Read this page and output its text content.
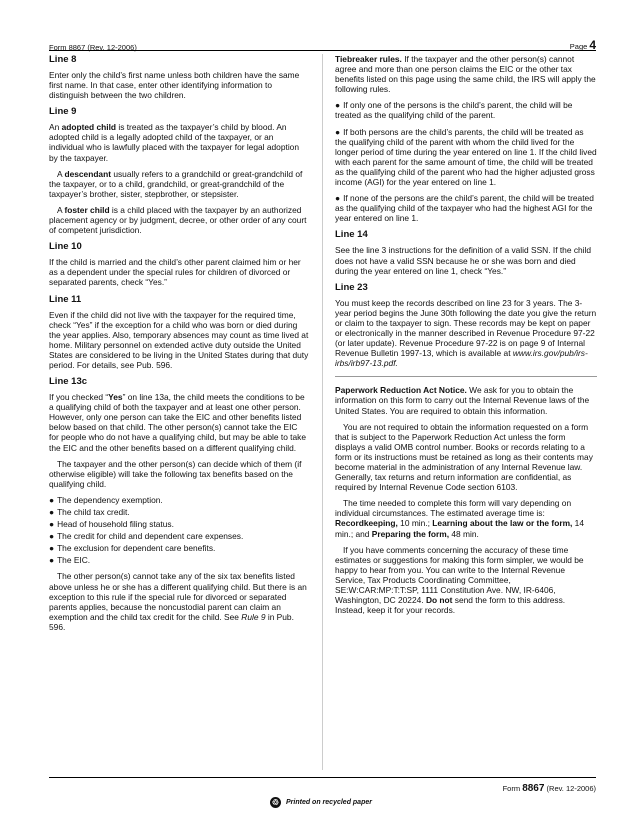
Form 8867 (Rev. 12-2006)	Page 4
Line 8

Enter only the child’s first name unless both children have the same first name. In that case, enter other identifying information to distinguish between the two children.

Line 9

An adopted child is treated as the taxpayer’s child by blood. An adopted child is a legally adopted child of the taxpayer, or an individual who is lawfully placed with the taxpayer for legal adoption by the taxpayer.

A descendant usually refers to a grandchild or great-grandchild of the taxpayer, or to a child, grandchild, or great-grandchild of the taxpayer’s brother, sister, stepbrother, or stepsister.

A foster child is a child placed with the taxpayer by an authorized placement agency or by judgment, decree, or other order of any court of competent jurisdiction.

Line 10

If the child is married and the child’s other parent claimed him or her as a dependent under the special rules for children of divorced or separated parents, check “Yes.”

Line 11

Even if the child did not live with the taxpayer for the required time, check “Yes” if the exception for a child who was born or died during the year applies. Also, temporary absences may count as time lived at home. Military personnel on extended active duty outside the United States are considered to be living in the United States during that duty period. For details, see Pub. 596.

Line 13c

If you checked “Yes” on line 13a, the child meets the conditions to be a qualifying child of both the taxpayer and at least one other person. However, only one person can take the EIC and other benefits listed below based on that child. The other person(s) cannot take the EIC for people who do not have a qualifying child, but may be able to take the EIC and the other benefits based on a different qualifying child.

The taxpayer and the other person(s) can decide which of them (if otherwise eligible) will take the following tax benefits based on the qualifying child.

● The dependency exemption.
● The child tax credit.
● Head of household filing status.
● The credit for child and dependent care expenses.
● The exclusion for dependent care benefits.
● The EIC.

The other person(s) cannot take any of the six tax benefits listed above unless he or she has a different qualifying child. But there is an exception to this rule if the special rule for divorced or separated parents applies, because the noncustodial parent can claim an exemption and the child tax credit for the child. See Rule 9 in Pub. 596.

Tiebreaker rules. If the taxpayer and the other person(s) cannot agree and more than one person claims the EIC or the other tax benefits listed on this page using the same child, the IRS will apply the following rules.

● If only one of the persons is the child’s parent, the child will be treated as the qualifying child of the parent.

● If both persons are the child’s parents, the child will be treated as the qualifying child of the parent with whom the child lived for the longer period of time during the year entered on line 1. If the child lived with each parent for the same amount of time, the child will be treated as the qualifying child of the parent who had the higher adjusted gross income (AGI) for the year entered on line 1.

● If none of the persons are the child’s parent, the child will be treated as the qualifying child of the taxpayer who had the highest AGI for the year entered on line 1.

Line 14

See the line 3 instructions for the definition of a valid SSN. If the child does not have a valid SSN because he or she was born and died during the year entered on line 1, check “Yes.”

Line 23

You must keep the records described on line 23 for 3 years. The 3-year period begins the June 30th following the date you give the return or claim to the taxpayer to sign. These records may be kept on paper or electronically in the manner described in Revenue Procedure 97-22 (or later update). Revenue Procedure 97-22 is on page 9 of Internal Revenue Bulletin 1997-13, which is available at www.irs.gov/pub/irs-irbs/irb97-13.pdf.

Paperwork Reduction Act Notice. We ask for you to obtain the information on this form to carry out the Internal Revenue laws of the United States. You are required to obtain this information.

You are not required to obtain the information requested on a form that is subject to the Paperwork Reduction Act unless the form displays a valid OMB control number. Books or records relating to a form or its instructions must be retained as long as their contents may become material in the administration of any Internal Revenue law. Generally, tax returns and return information are confidential, as required by Internal Revenue Code section 6103.

The time needed to complete this form will vary depending on individual circumstances. The estimated average time is: Recordkeeping, 10 min.; Learning about the law or the form, 14 min.; and Preparing the form, 48 min.

If you have comments concerning the accuracy of these time estimates or suggestions for making this form simpler, we would be happy to hear from you. You can write to the Internal Revenue Service, Tax Products Coordinating Committee, SE:W:CAR:MP:T:T:SP, 1111 Constitution Ave. NW, IR-6406, Washington, DC 20224. Do not send the form to this address. Instead, keep it for your records.

Form 8867 (Rev. 12-2006)
♲ Printed on recycled paper
